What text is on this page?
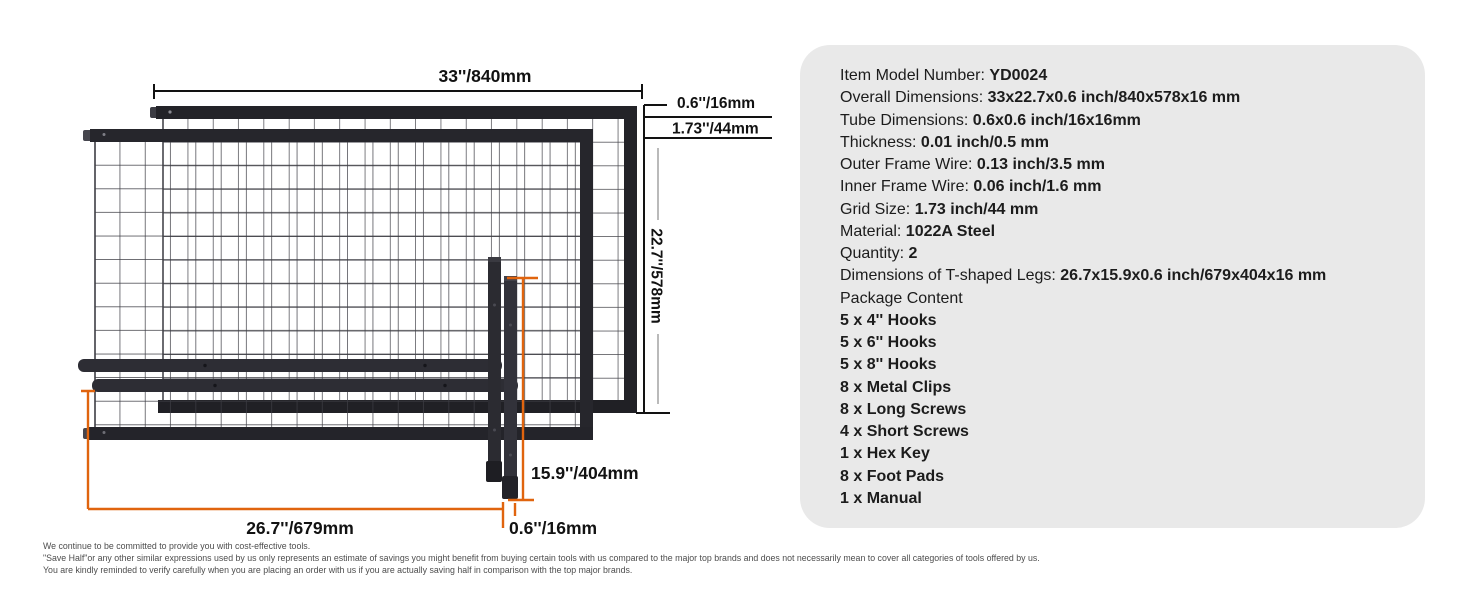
33''/840mm
0.6''/16mm
1.73''/44mm
22.7''/578mm
15.9''/404mm
26.7''/679mm	0.6''/16mm
Item Model Number: YD0024
Overall Dimensions: 33x22.7x0.6 inch/840x578x16 mm
Tube Dimensions: 0.6x0.6 inch/16x16mm
Thickness: 0.01 inch/0.5 mm
Outer Frame Wire: 0.13 inch/3.5 mm
Inner Frame Wire: 0.06 inch/1.6 mm
Grid Size: 1.73 inch/44 mm
Material: 1022A Steel
Quantity: 2
Dimensions of T-shaped Legs: 26.7x15.9x0.6 inch/679x404x16 mm
Package Content
5 x 4'' Hooks
5 x 6'' Hooks
5 x 8'' Hooks
8 x Metal Clips
8 x Long Screws
4 x Short Screws
1 x Hex Key
8 x Foot Pads
1 x Manual
We continue to be committed to provide you with cost-effective tools.
"Save Half"or any other similar expressions used by us only represents an estimate of savings you might benefit from buying certain tools with us compared to the major top brands and does not necessarily mean to cover all categories of tools offered by us.
You are kindly reminded to verify carefully when you are placing an order with us if you are actually saving half in comparison with the top major brands.
